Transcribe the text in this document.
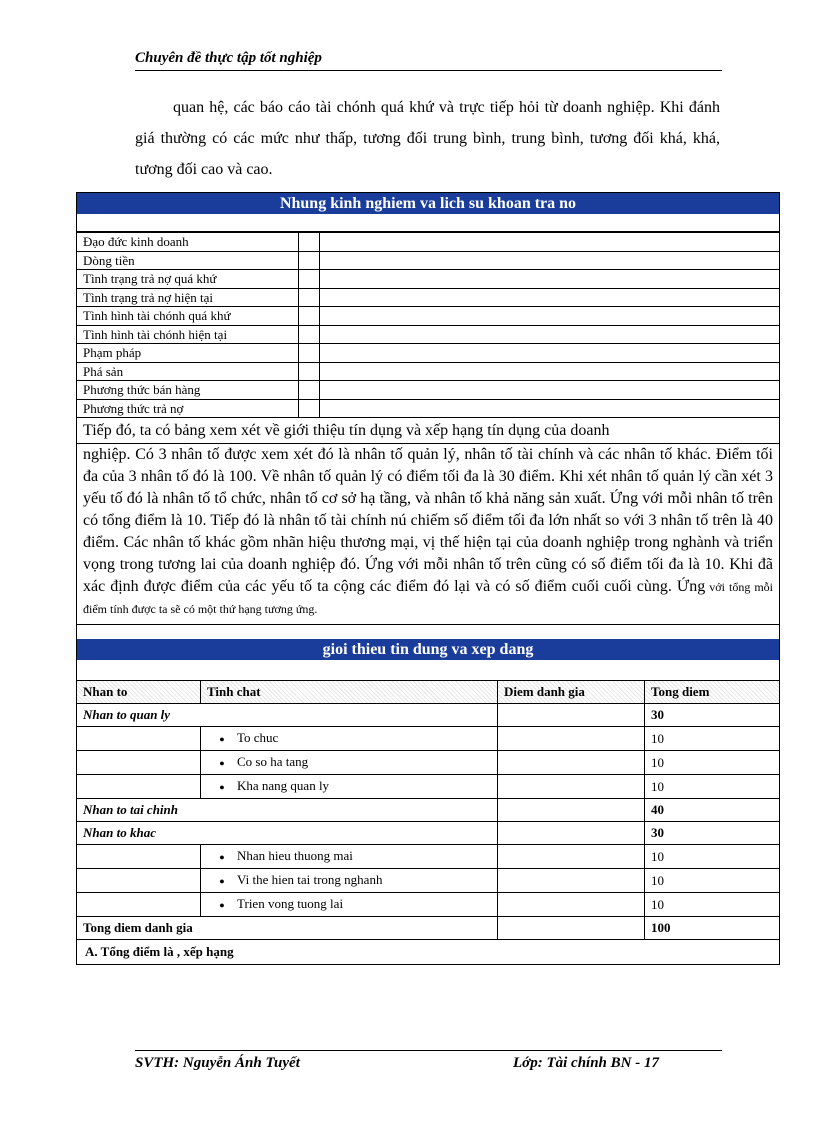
Chuyên đề thực tập tốt nghiệp

quan hệ, các báo cáo tài chónh quá khứ và trực tiếp hỏi từ doanh nghiệp. Khi đánh giá thường có các mức như thấp, tương đối trung bình, trung bình, tương đối khá, khá, tương đối cao và cao.

Nhung kinh nghiem va lich su khoan tra no
Đạo đức kinh doanh		
Dòng tiền		
Tình trạng trả nợ quá khứ		
Tình trạng trả nợ hiện tại		
Tình hình tài chónh quá khứ		
Tình hình tài chónh hiện tại		
Phạm pháp		
Phá sản		
Phương thức bán hàng		
Phương thức trả nợ		
Tiếp đó, ta có bảng xem xét về giới thiệu tín dụng và xếp hạng tín dụng của doanh
nghiệp. Có 3 nhân tố được xem xét đó là nhân tố quản lý, nhân tố tài chính và các nhân tố khác. Điểm tối đa của 3 nhân tố đó là 100. Về nhân tố quản lý có điểm tối đa là 30 điểm. Khi xét nhân tố quản lý cần xét 3 yếu tố đó là nhân tố tổ chức, nhân tố cơ sở hạ tầng, và nhân tố khả năng sản xuất. Ứng với mỗi nhân tố trên có tổng điểm là 10. Tiếp đó là nhân tố tài chính nú chiếm số điểm tối đa lớn nhất so với 3 nhân tố trên là 40 điểm. Các nhân tố khác gồm nhãn hiệu thương mại, vị thế hiện tại của doanh nghiệp trong nghành và triển vọng trong tương lai của doanh nghiệp đó. Ứng với mỗi nhân tố trên cũng có số điểm tối đa là 10. Khi đã xác định được điểm của các yếu tố ta cộng các điểm đó lại và có số điểm cuối cuối cùng. Ứng với tổng mỗi điểm tính được ta sẽ có một thứ hạng tương ứng.
gioi thieu tin dung va xep dang
Nhan to	Tinh chat	Diem danh gia	Tong diem
Nhan to quan ly			30
	● To chuc		10
	● Co so ha tang		10
	● Kha nang quan ly		10
Nhan to tai chinh			40
Nhan to khac			30
	● Nhan hieu thuong mai		10
	● Vi the hien tai trong nghanh		10
	● Trien vong tuong lai		10
Tong diem danh gia			100
A. Tổng điểm là , xếp hạng
SVTH: Nguyễn Ánh Tuyết	Lớp: Tài chính BN - 17
